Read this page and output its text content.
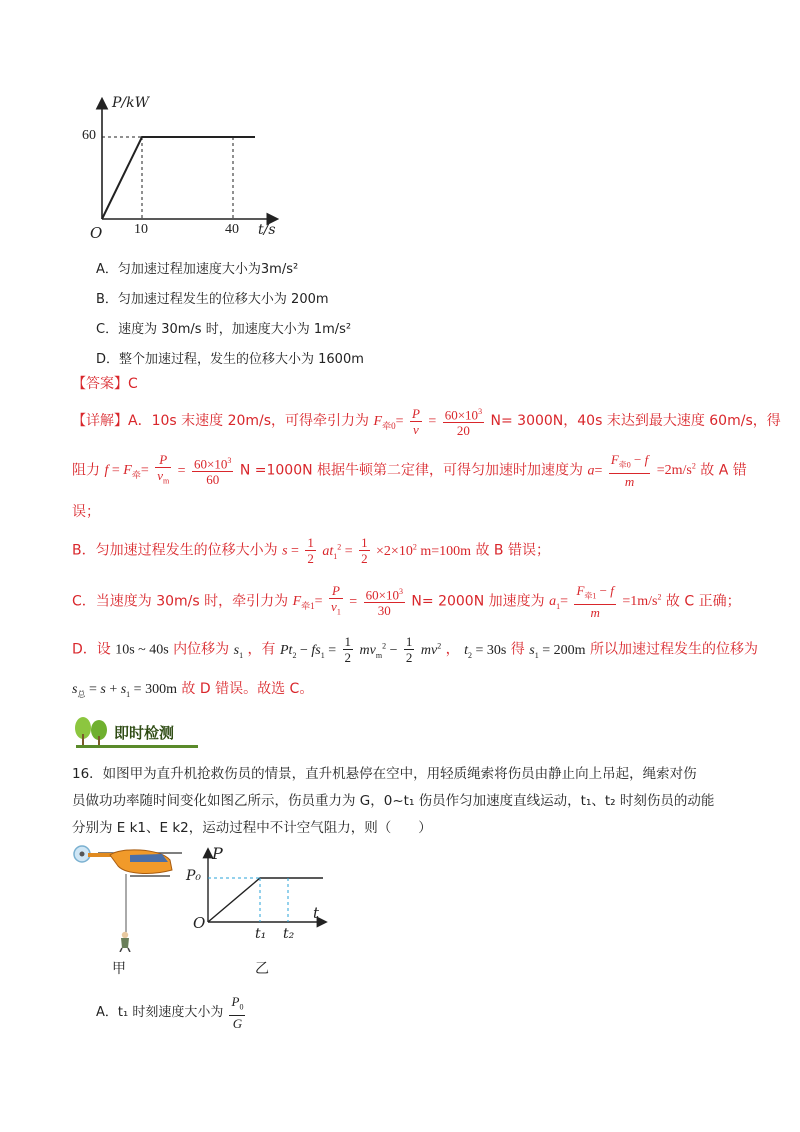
P/kW
60
O 10	40 t/s
A．匀加速过程加速度大小为3m/s²
B．匀加速过程发生的位移大小为 200m
C．速度为 30m/s 时，加速度大小为 1m/s²
D．整个加速过程，发生的位移大小为 1600m
【答案】C
【详解】A．10s 末速度 20m/s，可得牵引力为 $F_{牵0}= \frac{P}{v} = \frac{60\times 10^3}{20} N= 3000N$，40s 末达到最大速度 60m/s，得
阻力 $f = F_牵= \frac{P}{v_m} = \frac{60\times 10^3}{60}$ N =1000N 根据牛顿第二定律，可得匀加速时加速度为 $a= \frac{F_{牵0} - f}{m} =2m/s^2$ 故 A 错
误；
B．匀加速过程发生的位移大小为 $s = \frac{1}{2} at_1^2 = \frac{1}{2} \times 2\times 10^2$ m=100m 故 B 错误；
C．当速度为 30m/s 时，牵引力为 $F_{牵1}= \frac{P}{v_1} = \frac{60\times 10^3}{30} N= 2000N$ 加速度为 $a_1= \frac{F_{牵1} - f}{m} =1m/s^2$ 故 C 正确；
D．设 10s ~ 40s 内位移为 $s_1$ ，有 $Pt_2 - fs_1 = \frac{1}{2} mv_m^2 - \frac{1}{2} mv^2$ ， $t_2 = 30s$ 得 $s_1 = 200m$ 所以加速过程发生的位移为
$s_总 = s + s_1 = 300m$ 故 D 错误。故选 C。
即时检测
16．如图甲为直升机抢救伤员的情景，直升机悬停在空中，用轻质绳索将伤员由静止向上吊起，绳索对伤
员做功功率随时间变化如图乙所示，伤员重力为 G，0~t₁ 伤员作匀加速度直线运动，t₁、t₂ 时刻伤员的动能
分别为 E k1、E k2，运动过程中不计空气阻力，则（　　）
甲
P
P₀
O
t
t₁ t₂
乙
A．t₁ 时刻速度大小为 $\frac{P_0}{G}$
